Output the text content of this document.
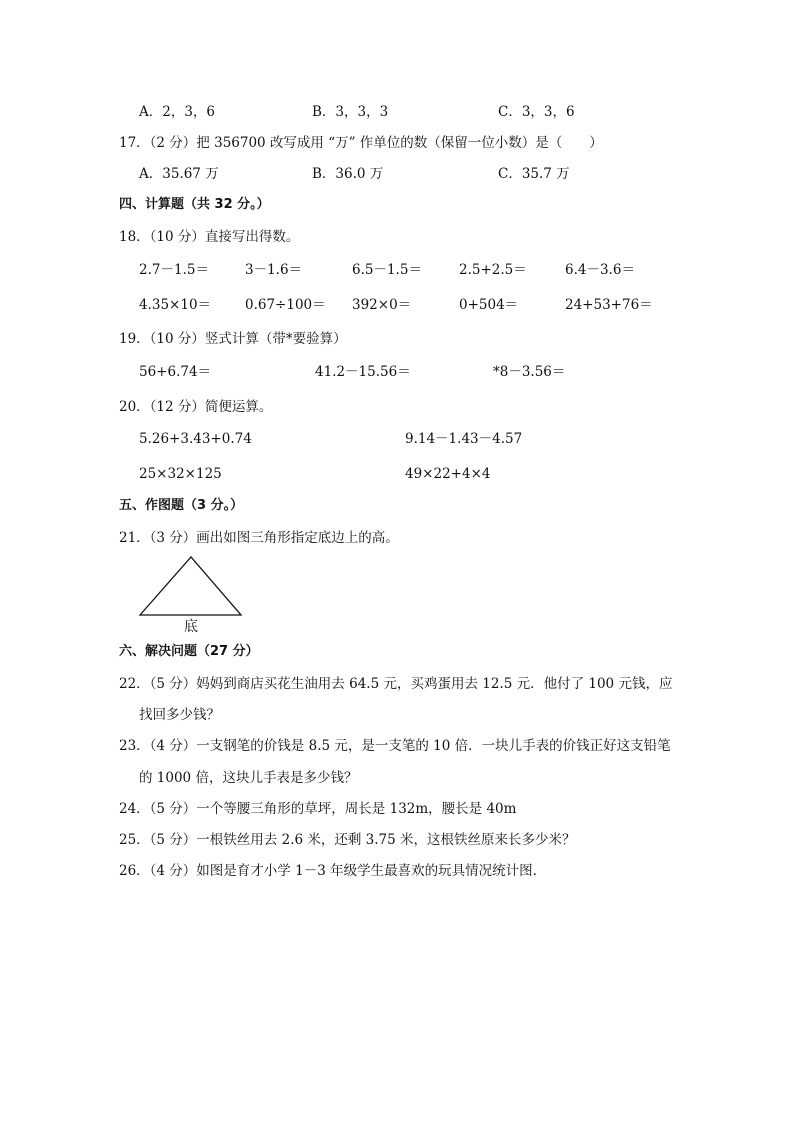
A．2，3，6	B．3，3，3	C．3，3，6
17．（2 分）把 356700 改写成用 “万” 作单位的数（保留一位小数）是（　　）
A．35.67 万	B．36.0 万	C．35.7 万
四、计算题（共 32 分。）
18．（10 分）直接写出得数。
2.7－1.5＝	3－1.6＝	6.5－1.5＝	2.5+2.5＝	6.4－3.6＝
4.35×10＝	0.67÷100＝ 392×0＝	0+504＝	24+53+76＝
19．（10 分）竖式计算（带*要验算）
56+6.74＝	41.2－15.56＝	*8－3.56＝
20．（12 分）简便运算。
5.26+3.43+0.74	9.14－1.43－4.57
25×32×125	49×22+4×4
五、作图题（3 分。）
21．（3 分）画出如图三角形指定底边上的高。
底
六、解决问题（27 分）
22．（5 分）妈妈到商店买花生油用去 64.5 元，买鸡蛋用去 12.5 元．他付了 100 元钱，应
找回多少钱？
23．（4 分）一支钢笔的价钱是 8.5 元，是一支笔的 10 倍．一块儿手表的价钱正好这支铅笔
的 1000 倍，这块儿手表是多少钱？
24．（5 分）一个等腰三角形的草坪，周长是 132m，腰长是 40m
25．（5 分）一根铁丝用去 2.6 米，还剩 3.75 米，这根铁丝原来长多少米？
26．（4 分）如图是育才小学 1－3 年级学生最喜欢的玩具情况统计图.
